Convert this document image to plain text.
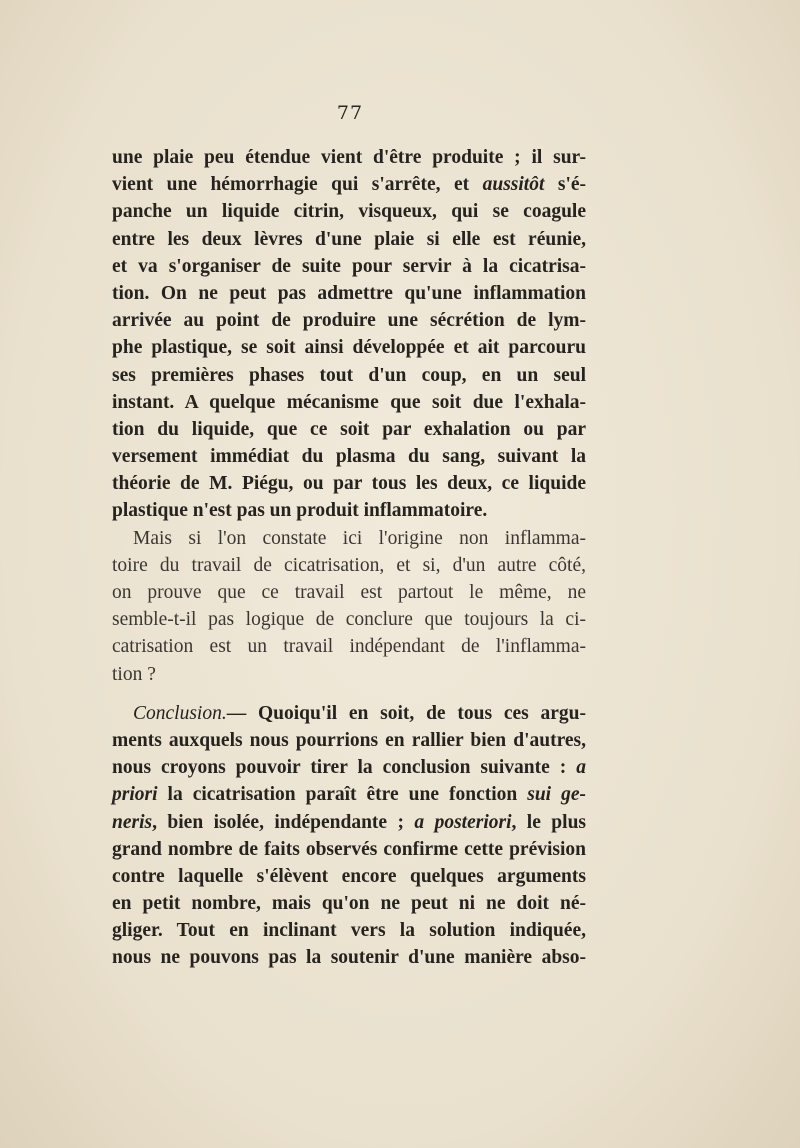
77
une plaie peu étendue vient d'être produite ; il sur-
vient une hémorrhagie qui s'arrête, et aussitôt s'é-
panche un liquide citrin, visqueux, qui se coagule
entre les deux lèvres d'une plaie si elle est réunie,
et va s'organiser de suite pour servir à la cicatrisa-
tion. On ne peut pas admettre qu'une inflammation
arrivée au point de produire une sécrétion de lym-
phe plastique, se soit ainsi développée et ait parcouru
ses premières phases tout d'un coup, en un seul
instant. A quelque mécanisme que soit due l'exhala-
tion du liquide, que ce soit par exhalation ou par
versement immédiat du plasma du sang, suivant la
théorie de M. Piégu, ou par tous les deux, ce liquide
plastique n'est pas un produit inflammatoire.
Mais si l'on constate ici l'origine non inflamma-
toire du travail de cicatrisation, et si, d'un autre côté,
on prouve que ce travail est partout le même, ne
semble-t-il pas logique de conclure que toujours la ci-
catrisation est un travail indépendant de l'inflamma-
tion ?
Conclusion.— Quoiqu'il en soit, de tous ces argu-
ments auxquels nous pourrions en rallier bien d'autres,
nous croyons pouvoir tirer la conclusion suivante : a
priori la cicatrisation paraît être une fonction sui ge-
neris, bien isolée, indépendante ; a posteriori, le plus
grand nombre de faits observés confirme cette prévision
contre laquelle s'élèvent encore quelques arguments
en petit nombre, mais qu'on ne peut ni ne doit né-
gliger. Tout en inclinant vers la solution indiquée,
nous ne pouvons pas la soutenir d'une manière abso-
